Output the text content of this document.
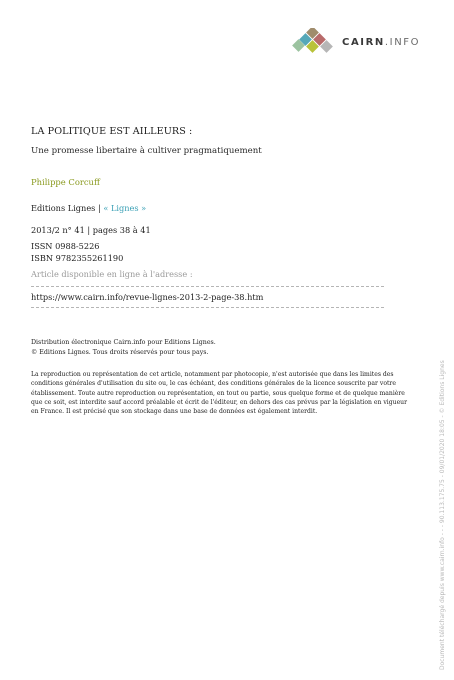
CAIRN.INFO
LA POLITIQUE EST AILLEURS :
Une promesse libertaire à cultiver pragmatiquement
Philippe Corcuff
Editions Lignes | « Lignes »
2013/2 n° 41 | pages 38 à 41
ISSN 0988-5226
ISBN 9782355261190
Article disponible en ligne à l'adresse :
https://www.cairn.info/revue-lignes-2013-2-page-38.htm
Distribution électronique Cairn.info pour Editions Lignes.
© Editions Lignes. Tous droits réservés pour tous pays.
La reproduction ou représentation de cet article, notamment par photocopie, n'est autorisée que dans les limites des conditions générales d'utilisation du site ou, le cas échéant, des conditions générales de la licence souscrite par votre établissement. Toute autre reproduction ou représentation, en tout ou partie, sous quelque forme et de quelque manière que ce soit, est interdite sauf accord préalable et écrit de l'éditeur, en dehors des cas prévus par la législation en vigueur en France. Il est précisé que son stockage dans une base de données est également interdit.	Document téléchargé depuis www.cairn.info - - - 90.113.175.75 - 09/01/2020 18:05 - © Editions Lignes
